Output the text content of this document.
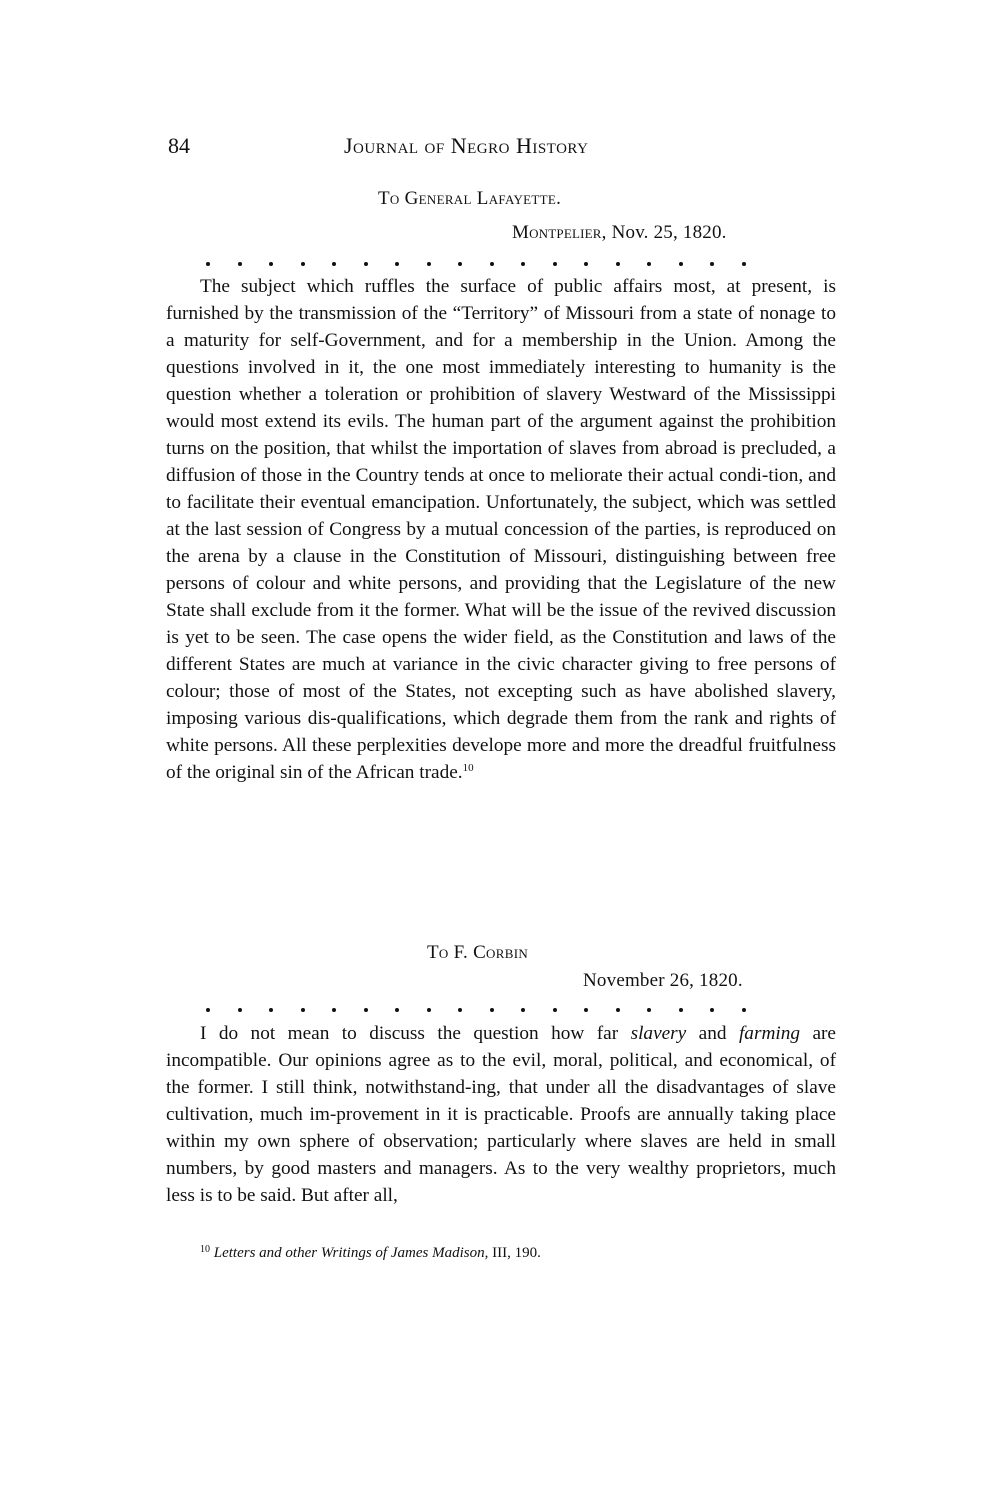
84	Journal of Negro History
To General Lafayette.
Montpelier, Nov. 25, 1820.

The subject which ruffles the surface of public affairs most, at present, is furnished by the transmission of the “Territory” of Missouri from a state of nonage to a maturity for self-Government, and for a membership in the Union. Among the questions involved in it, the one most immediately interesting to humanity is the question whether a toleration or prohibition of slavery Westward of the Mississippi would most extend its evils. The human part of the argument against the prohibition turns on the position, that whilst the importation of slaves from abroad is precluded, a diffusion of those in the Country tends at once to meliorate their actual condi-tion, and to facilitate their eventual emancipation. Unfortunately, the subject, which was settled at the last session of Congress by a mutual concession of the parties, is reproduced on the arena by a clause in the Constitution of Missouri, distinguishing between free persons of colour and white persons, and providing that the Legislature of the new State shall exclude from it the former. What will be the issue of the revived discussion is yet to be seen. The case opens the wider field, as the Constitution and laws of the different States are much at variance in the civic character giving to free persons of colour; those of most of the States, not excepting such as have abolished slavery, imposing various dis-qualifications, which degrade them from the rank and rights of white persons. All these perplexities develope more and more the dreadful fruitfulness of the original sin of the African trade.$^{10}$

To F. Corbin
November 26, 1820.

I do not mean to discuss the question how far slavery and farming are incompatible. Our opinions agree as to the evil, moral, political, and economical, of the former. I still think, notwithstand-ing, that under all the disadvantages of slave cultivation, much im-provement in it is practicable. Proofs are annually taking place within my own sphere of observation; particularly where slaves are held in small numbers, by good masters and managers. As to the very wealthy proprietors, much less is to be said. But after all,

$^{10}$ Letters and other Writings of James Madison, III, 190.
